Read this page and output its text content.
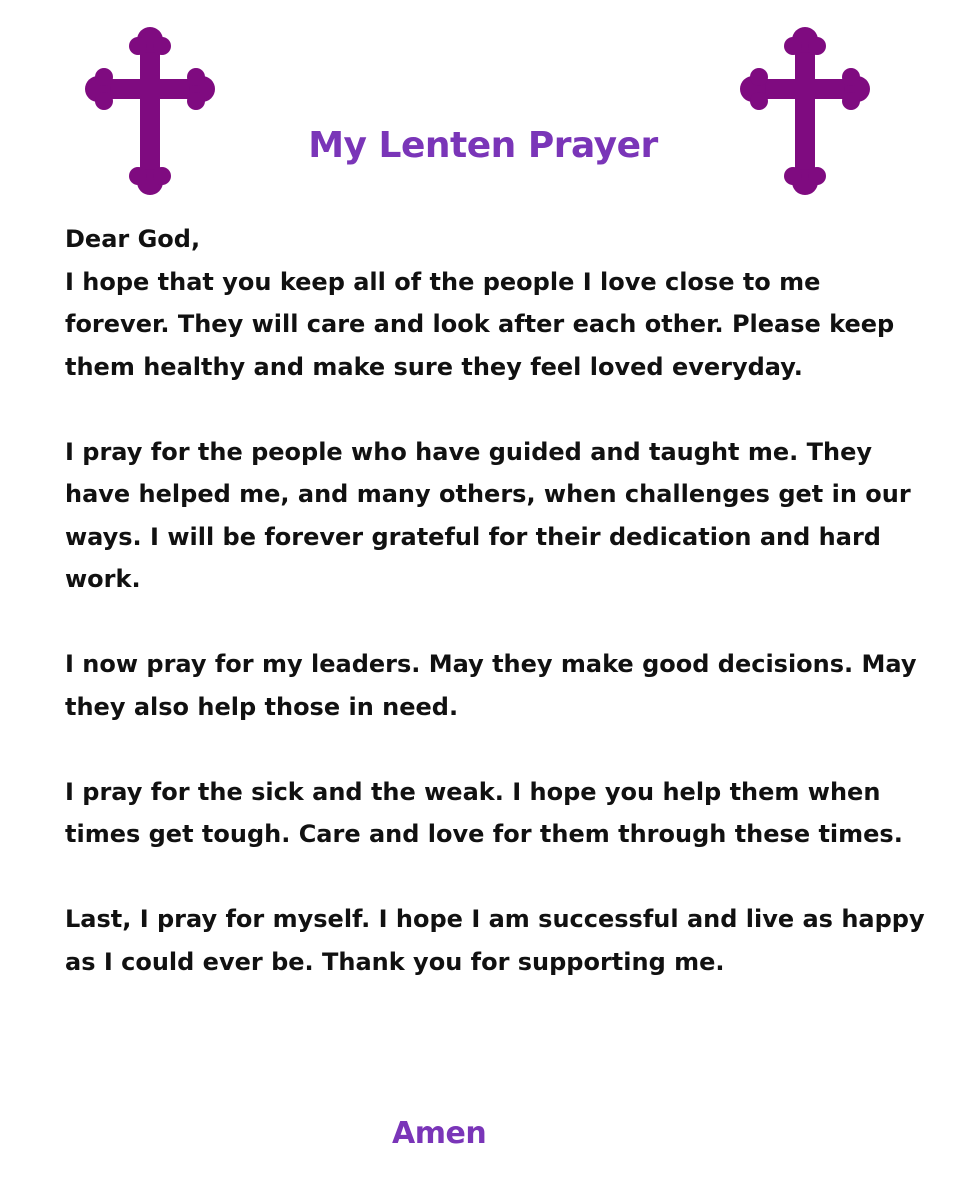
My Lenten Prayer

Dear God,

I hope that you keep all of the people I love close to me forever. They will care and look after each other. Please keep them healthy and make sure they feel loved everyday.

I pray for the people who have guided and taught me. They have helped me, and many others, when challenges get in our ways. I will be forever grateful for their dedication and hard work.

I now pray for my leaders. May they make good decisions. May they also help those in need.

I pray for the sick and the weak. I hope you help them when times get tough. Care and love for them through these times.

Last, I pray for myself. I hope I am successful and live as happy as I could ever be. Thank you for supporting me.

Amen
